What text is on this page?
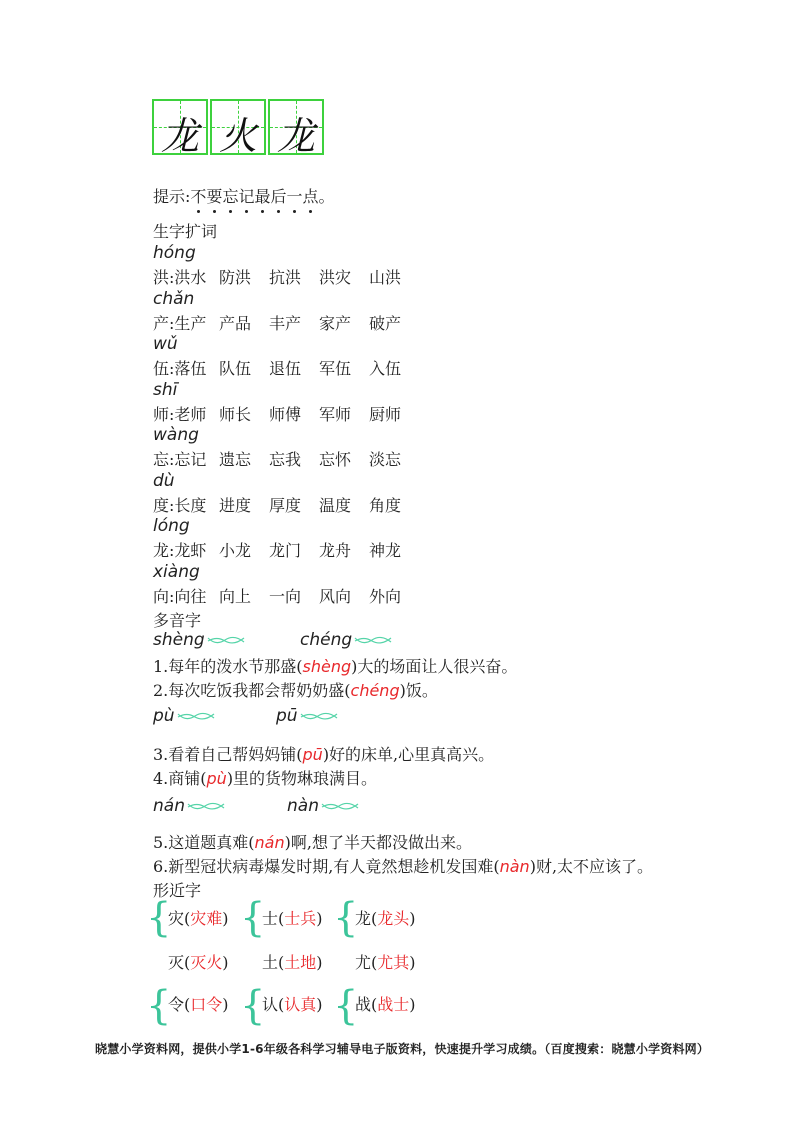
龙 火 龙
提示:不要忘记最后一点。
生字扩词
hóng
洪:洪水 防洪	抗洪	洪灾	山洪
chǎn
产:生产 产品	丰产	家产	破产
wǔ
伍:落伍 队伍	退伍	军伍	入伍
shī
师:老师 师长	师傅	军师	厨师
wàng
忘:忘记 遗忘	忘我	忘怀	淡忘
dù
度:长度 进度	厚度	温度	角度
lóng
龙:龙虾 小龙	龙门	龙舟	神龙
xiàng
向:向往 向上	一向	风向	外向
多音字
shèng	chéng
1.每年的泼水节那盛(shèng)大的场面让人很兴奋。
2.每次吃饭我都会帮奶奶盛(chéng)饭。
pù	pū
3.看着自己帮妈妈铺(pū)好的床单,心里真高兴。
4.商铺(pù)里的货物琳琅满目。
nán	nàn
5.这道题真难(nán)啊,想了半天都没做出来。
6.新型冠状病毒爆发时期,有人竟然想趁机发国难(nàn)财,太不应该了。
形近字
{
{
{
{
{
{
灾(灾难) 士(士兵) 龙(龙头)
灭(灭火) 土(土地) 尤(尤其)
令(口令) 认(认真) 战(战士)
晓慧小学资料网，提供小学1-6年级各科学习辅导电子版资料，快速提升学习成绩。（百度搜索：晓慧小学资料网）
